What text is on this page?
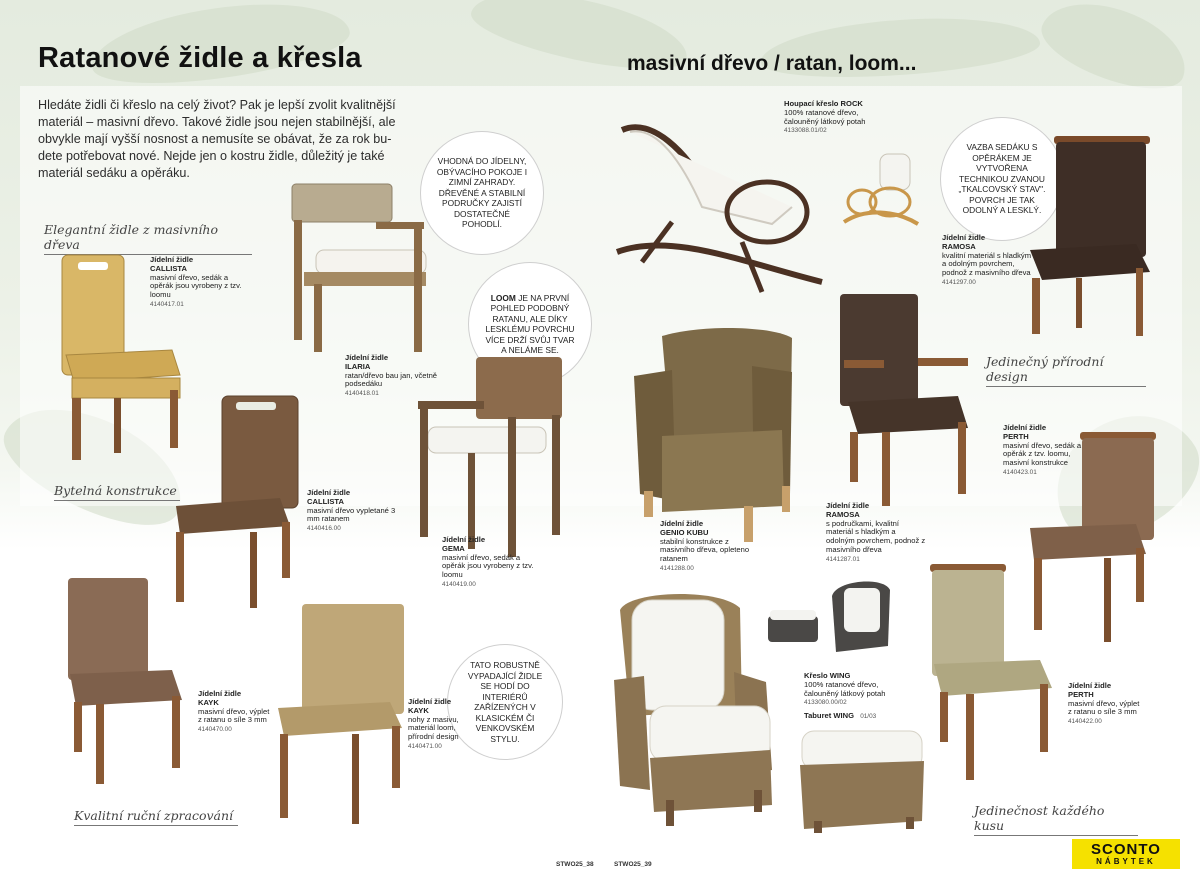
Ratanové židle a křesla	masivní dřevo / ratan, loom...
Hledáte židli či křeslo na celý život? Pak je lepší zvolit kvalitnější materiál – masivní dřevo. Takové židle jsou nejen stabilnější, ale obvykle mají vyšší nosnost a nemusíte se obávat, že za rok bu-dete potřebovat nové. Nejde jen o kostru židle, důležitý je také materiál sedáku a opěráku.
Elegantní židle z masivního dřeva
Bytelná konstrukce
Kvalitní ruční zpracování
Jedinečný přírodní design
Jedinečnost každého kusu
VHODNÁ DO JÍDELNY, OBÝVACÍHO POKOJE I ZIMNÍ ZAHRADY. DŘEVĚNÉ A STABILNÍ PODRUČKY ZAJISTÍ DOSTATEČNÉ POHODLÍ.
LOOM JE NA PRVNÍ POHLED PODOBNÝ RATANU, ALE DÍKY LESKLÉMU POVRCHU VÍCE DRŽÍ SVŮJ TVAR A NELÁME SE.
VAZBA SEDÁKU S OPĚRÁKEM JE VYTVOŘENA TECHNIKOU ZVANOU „TKALCOVSKÝ STAV". POVRCH JE TAK ODOLNÝ A LESKLÝ.
TATO ROBUSTNĚ VYPADAJÍCÍ ŽIDLE SE HODÍ DO INTERIÉRŮ ZAŘÍZENÝCH V KLASICKÉM ČI VENKOVSKÉM STYLU.
Jídelní židle
CALLISTA
masivní dřevo, sedák a opěrák jsou vyrobeny z tzv. loomu
4140417.01
Jídelní židle
ILARIA
ratan/dřevo bau jan, včetně podsedáku
4140418.01
Houpací křeslo ROCK
100% ratanové dřevo, čalouněný látkový potah
4133088.01/02
Jídelní židle
RAMOSA
kvalitní materiál s hladkým a odolným povrchem, podnož z masivního dřeva
4141297.00
Jídelní židle
CALLISTA
masivní dřevo vypletané 3 mm ratanem
4140416.00
Jídelní židle
GEMA
masivní dřevo, sedák a opěrák jsou vyrobeny z tzv. loomu
4140419.00
Jídelní židle
GENIO KUBU
stabilní konstrukce z masivního dřeva, opleteno ratanem
4141288.00
Jídelní židle
RAMOSA
s područkami, kvalitní materiál s hladkým a odolným povrchem, podnož z masivního dřeva
4141287.01
Jídelní židle
PERTH
masivní dřevo, sedák a opěrák z tzv. loomu, masivní konstrukce
4140423.01
Jídelní židle
KAYK
masivní dřevo, výplet z ratanu o síle 3 mm
4140470.00
Jídelní židle
KAYK
nohy z masivu, materiál loom, přírodní design
4140471.00
Křeslo WING
100% ratanové dřevo, čalouněný látkový potah
4133080.00/02
Taburet WING 01/03
Jídelní židle
PERTH
masivní dřevo, výplet z ratanu o síle 3 mm
4140422.00
STWO25_38	STWO25_39
SCONTO
NÁBYTEK
